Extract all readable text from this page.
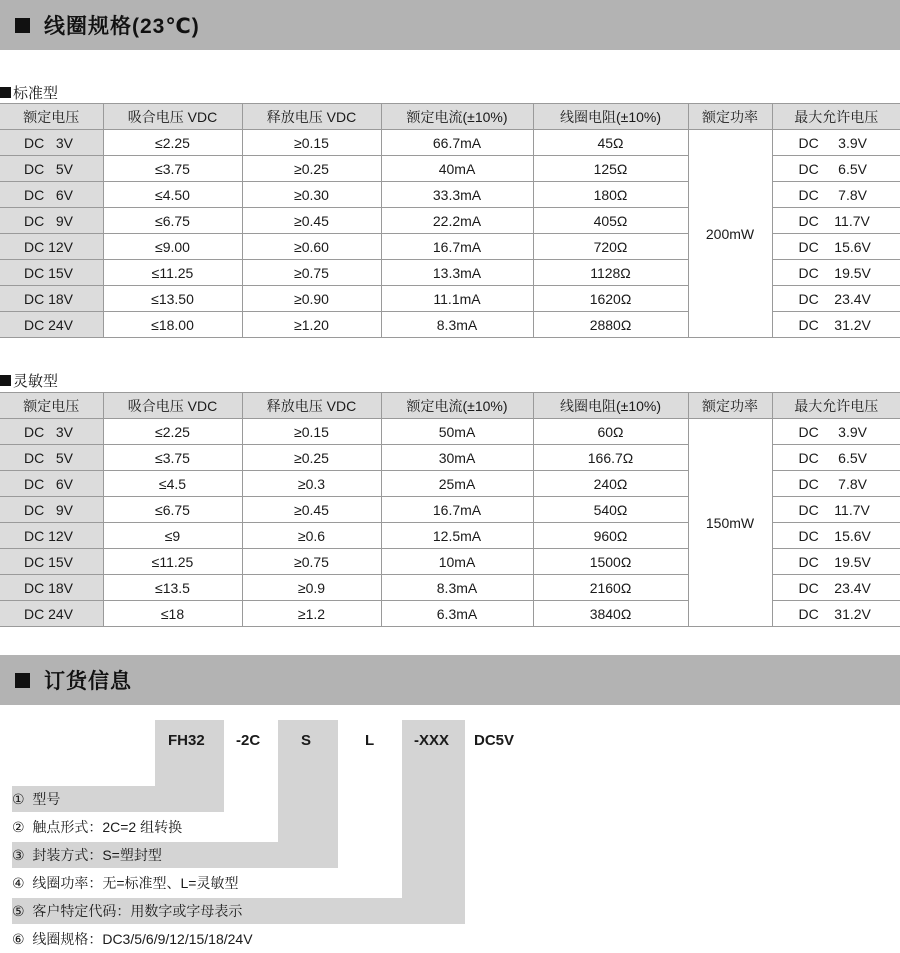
线圈规格(23℃)
标准型
额定电压	吸合电压 VDC	释放电压 VDC	额定电流(±10%)	线圈电阻(±10%)	额定功率	最大允许电压
DC   3V	≤2.25	≥0.15	66.7mA	45Ω	200mW	DC     3.9V
DC   5V	≤3.75	≥0.25	40mA	125Ω		DC     6.5V
DC   6V	≤4.50	≥0.30	33.3mA	180Ω		DC     7.8V
DC   9V	≤6.75	≥0.45	22.2mA	405Ω		DC    11.7V
DC 12V	≤9.00	≥0.60	16.7mA	720Ω		DC    15.6V
DC 15V	≤11.25	≥0.75	13.3mA	1128Ω		DC    19.5V
DC 18V	≤13.50	≥0.90	11.1mA	1620Ω		DC    23.4V
DC 24V	≤18.00	≥1.20	8.3mA	2880Ω		DC    31.2V
灵敏型
额定电压	吸合电压 VDC	释放电压 VDC	额定电流(±10%)	线圈电阻(±10%)	额定功率	最大允许电压
DC   3V	≤2.25	≥0.15	50mA	60Ω	150mW	DC     3.9V
DC   5V	≤3.75	≥0.25	30mA	166.7Ω		DC     6.5V
DC   6V	≤4.5	≥0.3	25mA	240Ω		DC     7.8V
DC   9V	≤6.75	≥0.45	16.7mA	540Ω		DC    11.7V
DC 12V	≤9	≥0.6	12.5mA	960Ω		DC    15.6V
DC 15V	≤11.25	≥0.75	10mA	1500Ω		DC    19.5V
DC 18V	≤13.5	≥0.9	8.3mA	2160Ω		DC    23.4V
DC 24V	≤18	≥1.2	6.3mA	3840Ω		DC    31.2V
订货信息
FH32 -2C	S	L	-XXX DC5V
①  型号
②  触点形式：2C=2 组转换
③  封装方式：S=塑封型
④  线圈功率：无=标准型、L=灵敏型
⑤  客户特定代码：用数字或字母表示
⑥  线圈规格：DC3/5/6/9/12/15/18/24V
